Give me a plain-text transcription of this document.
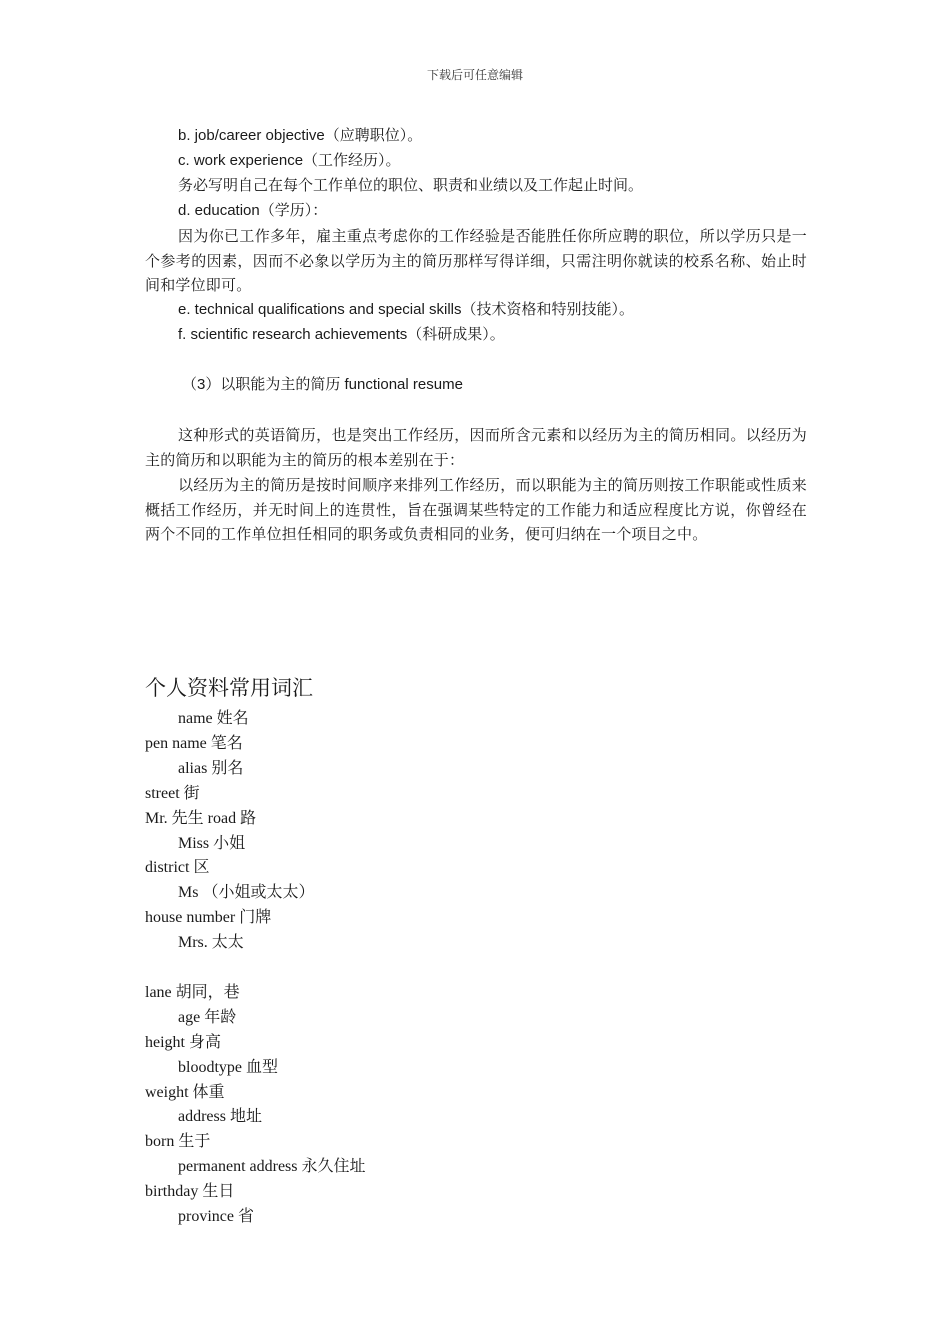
下载后可任意编辑

b. job/career objective（应聘职位）。

c. work experience（工作经历）。

务必写明自己在每个工作单位的职位、职责和业绩以及工作起止时间。

d. education（学历）：

因为你已工作多年，雇主重点考虑你的工作经验是否能胜任你所应聘的职位，所以学历只是一个参考的因素，因而不必象以学历为主的简历那样写得详细，只需注明你就读的校系名称、始止时间和学位即可。

e. technical qualifications and special skills（技术资格和特别技能）。

f. scientific research achievements（科研成果）。

（3）以职能为主的简历 functional resume

这种形式的英语简历，也是突出工作经历，因而所含元素和以经历为主的简历相同。以经历为主的简历和以职能为主的简历的根本差别在于：

以经历为主的简历是按时间顺序来排列工作经历，而以职能为主的简历则按工作职能或性质来概括工作经历，并无时间上的连贯性，旨在强调某些特定的工作能力和适应程度比方说，你曾经在两个不同的工作单位担任相同的职务或负责相同的业务，便可归纳在一个项目之中。

个人资料常用词汇

name 姓名

pen name 笔名

alias 别名

street 街

Mr. 先生 road 路

Miss 小姐

district 区

Ms （小姐或太太）

house number 门牌

Mrs. 太太

lane 胡同，巷

age 年龄

height 身高

bloodtype 血型

weight 体重

address 地址

born 生于

permanent address 永久住址

birthday 生日

province 省
